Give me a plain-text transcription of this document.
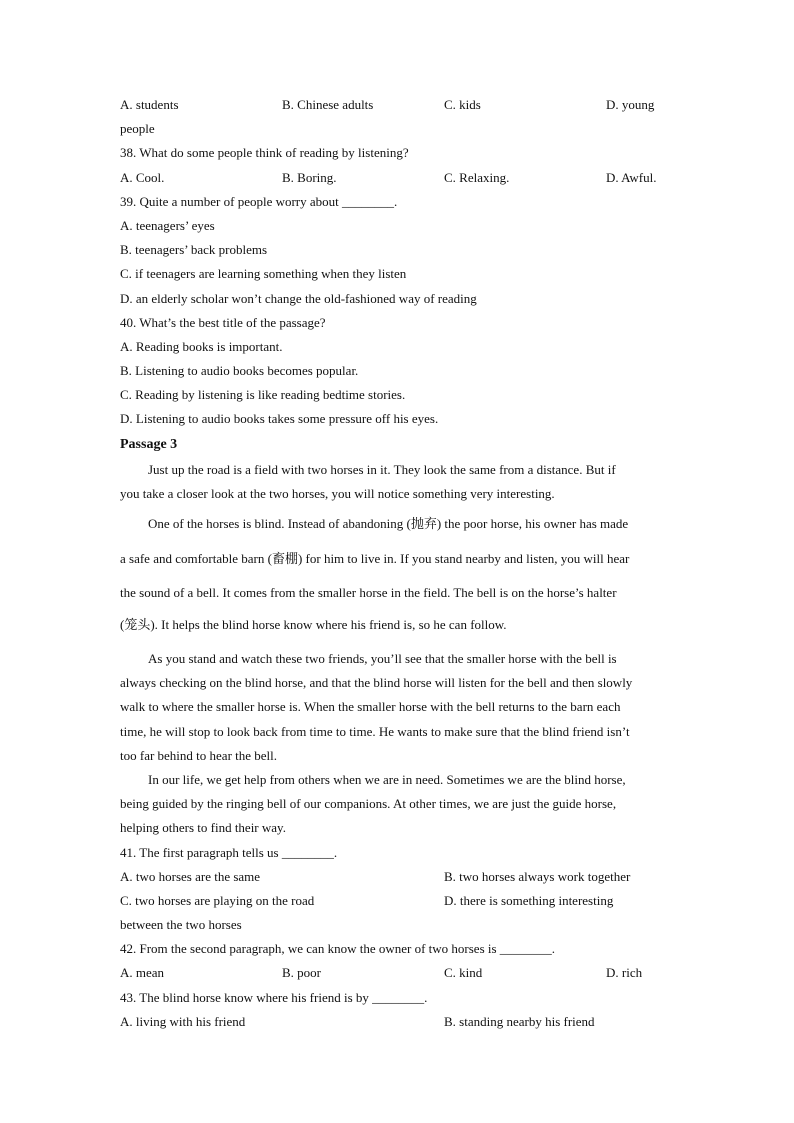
A. students	B. Chinese adults	C. kids	D. young
people
38. What do some people think of reading by listening?
A. Cool.	B. Boring.	C. Relaxing.	D. Awful.
39. Quite a number of people worry about ________.
A. teenagers’ eyes
B. teenagers’ back problems
C. if teenagers are learning something when they listen
D. an elderly scholar won’t change the old-fashioned way of reading
40. What’s the best title of the passage?
A. Reading books is important.
B. Listening to audio books becomes popular.
C. Reading by listening is like reading bedtime stories.
D. Listening to audio books takes some pressure off his eyes.
Passage 3
Just up the road is a field with two horses in it. They look the same from a distance. But if
you take a closer look at the two horses, you will notice something very interesting.
One of the horses is blind. Instead of abandoning (抛弃) the poor horse, his owner has made
a safe and comfortable barn (畜棚) for him to live in. If you stand nearby and listen, you will hear
the sound of a bell. It comes from the smaller horse in the field. The bell is on the horse’s halter
(笼头). It helps the blind horse know where his friend is, so he can follow.
As you stand and watch these two friends, you’ll see that the smaller horse with the bell is
always checking on the blind horse, and that the blind horse will listen for the bell and then slowly
walk to where the smaller horse is. When the smaller horse with the bell returns to the barn each
time, he will stop to look back from time to time. He wants to make sure that the blind friend isn’t
too far behind to hear the bell.
In our life, we get help from others when we are in need. Sometimes we are the blind horse,
being guided by the ringing bell of our companions. At other times, we are just the guide horse,
helping others to find their way.
41. The first paragraph tells us ________.
A. two horses are the same	B. two horses always work together
C. two horses are playing on the road	D. there is something interesting
between the two horses
42. From the second paragraph, we can know the owner of two horses is ________.
A. mean	B. poor	C. kind	D. rich
43. The blind horse know where his friend is by ________.
A. living with his friend	B. standing nearby his friend
